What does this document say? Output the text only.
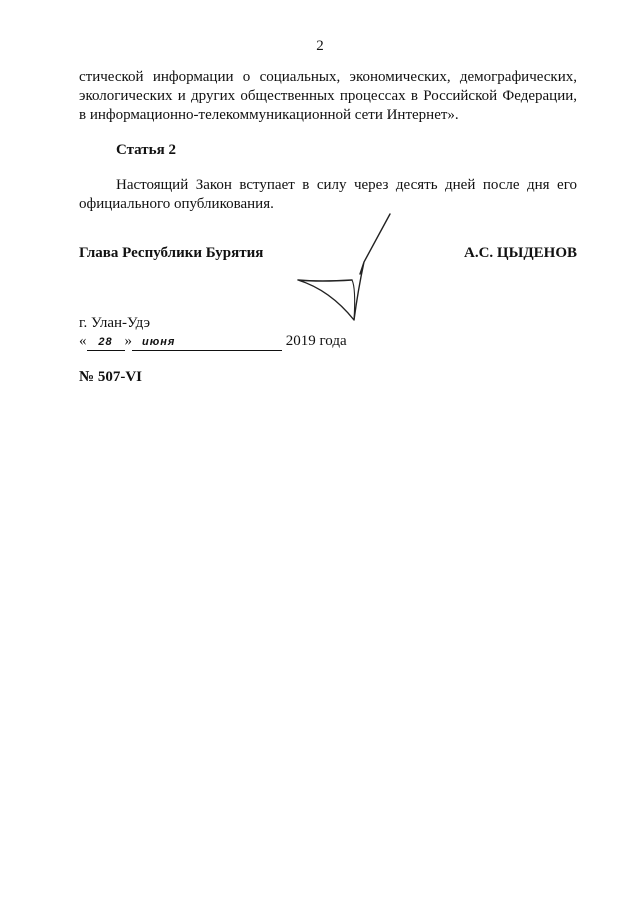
2

стической информации о социальных, экономических, демографических, экологических и других общественных процессах в Российской Федерации, в информационно-телекоммуникационной сети Интернет».

Статья 2

Настоящий Закон вступает в силу через десять дней после дня его официального опубликования.

Глава Республики Бурятия	А.С. ЦЫДЕНОВ
г. Улан-Удэ
« 28 » июня	2019 года
№ 507-VI
